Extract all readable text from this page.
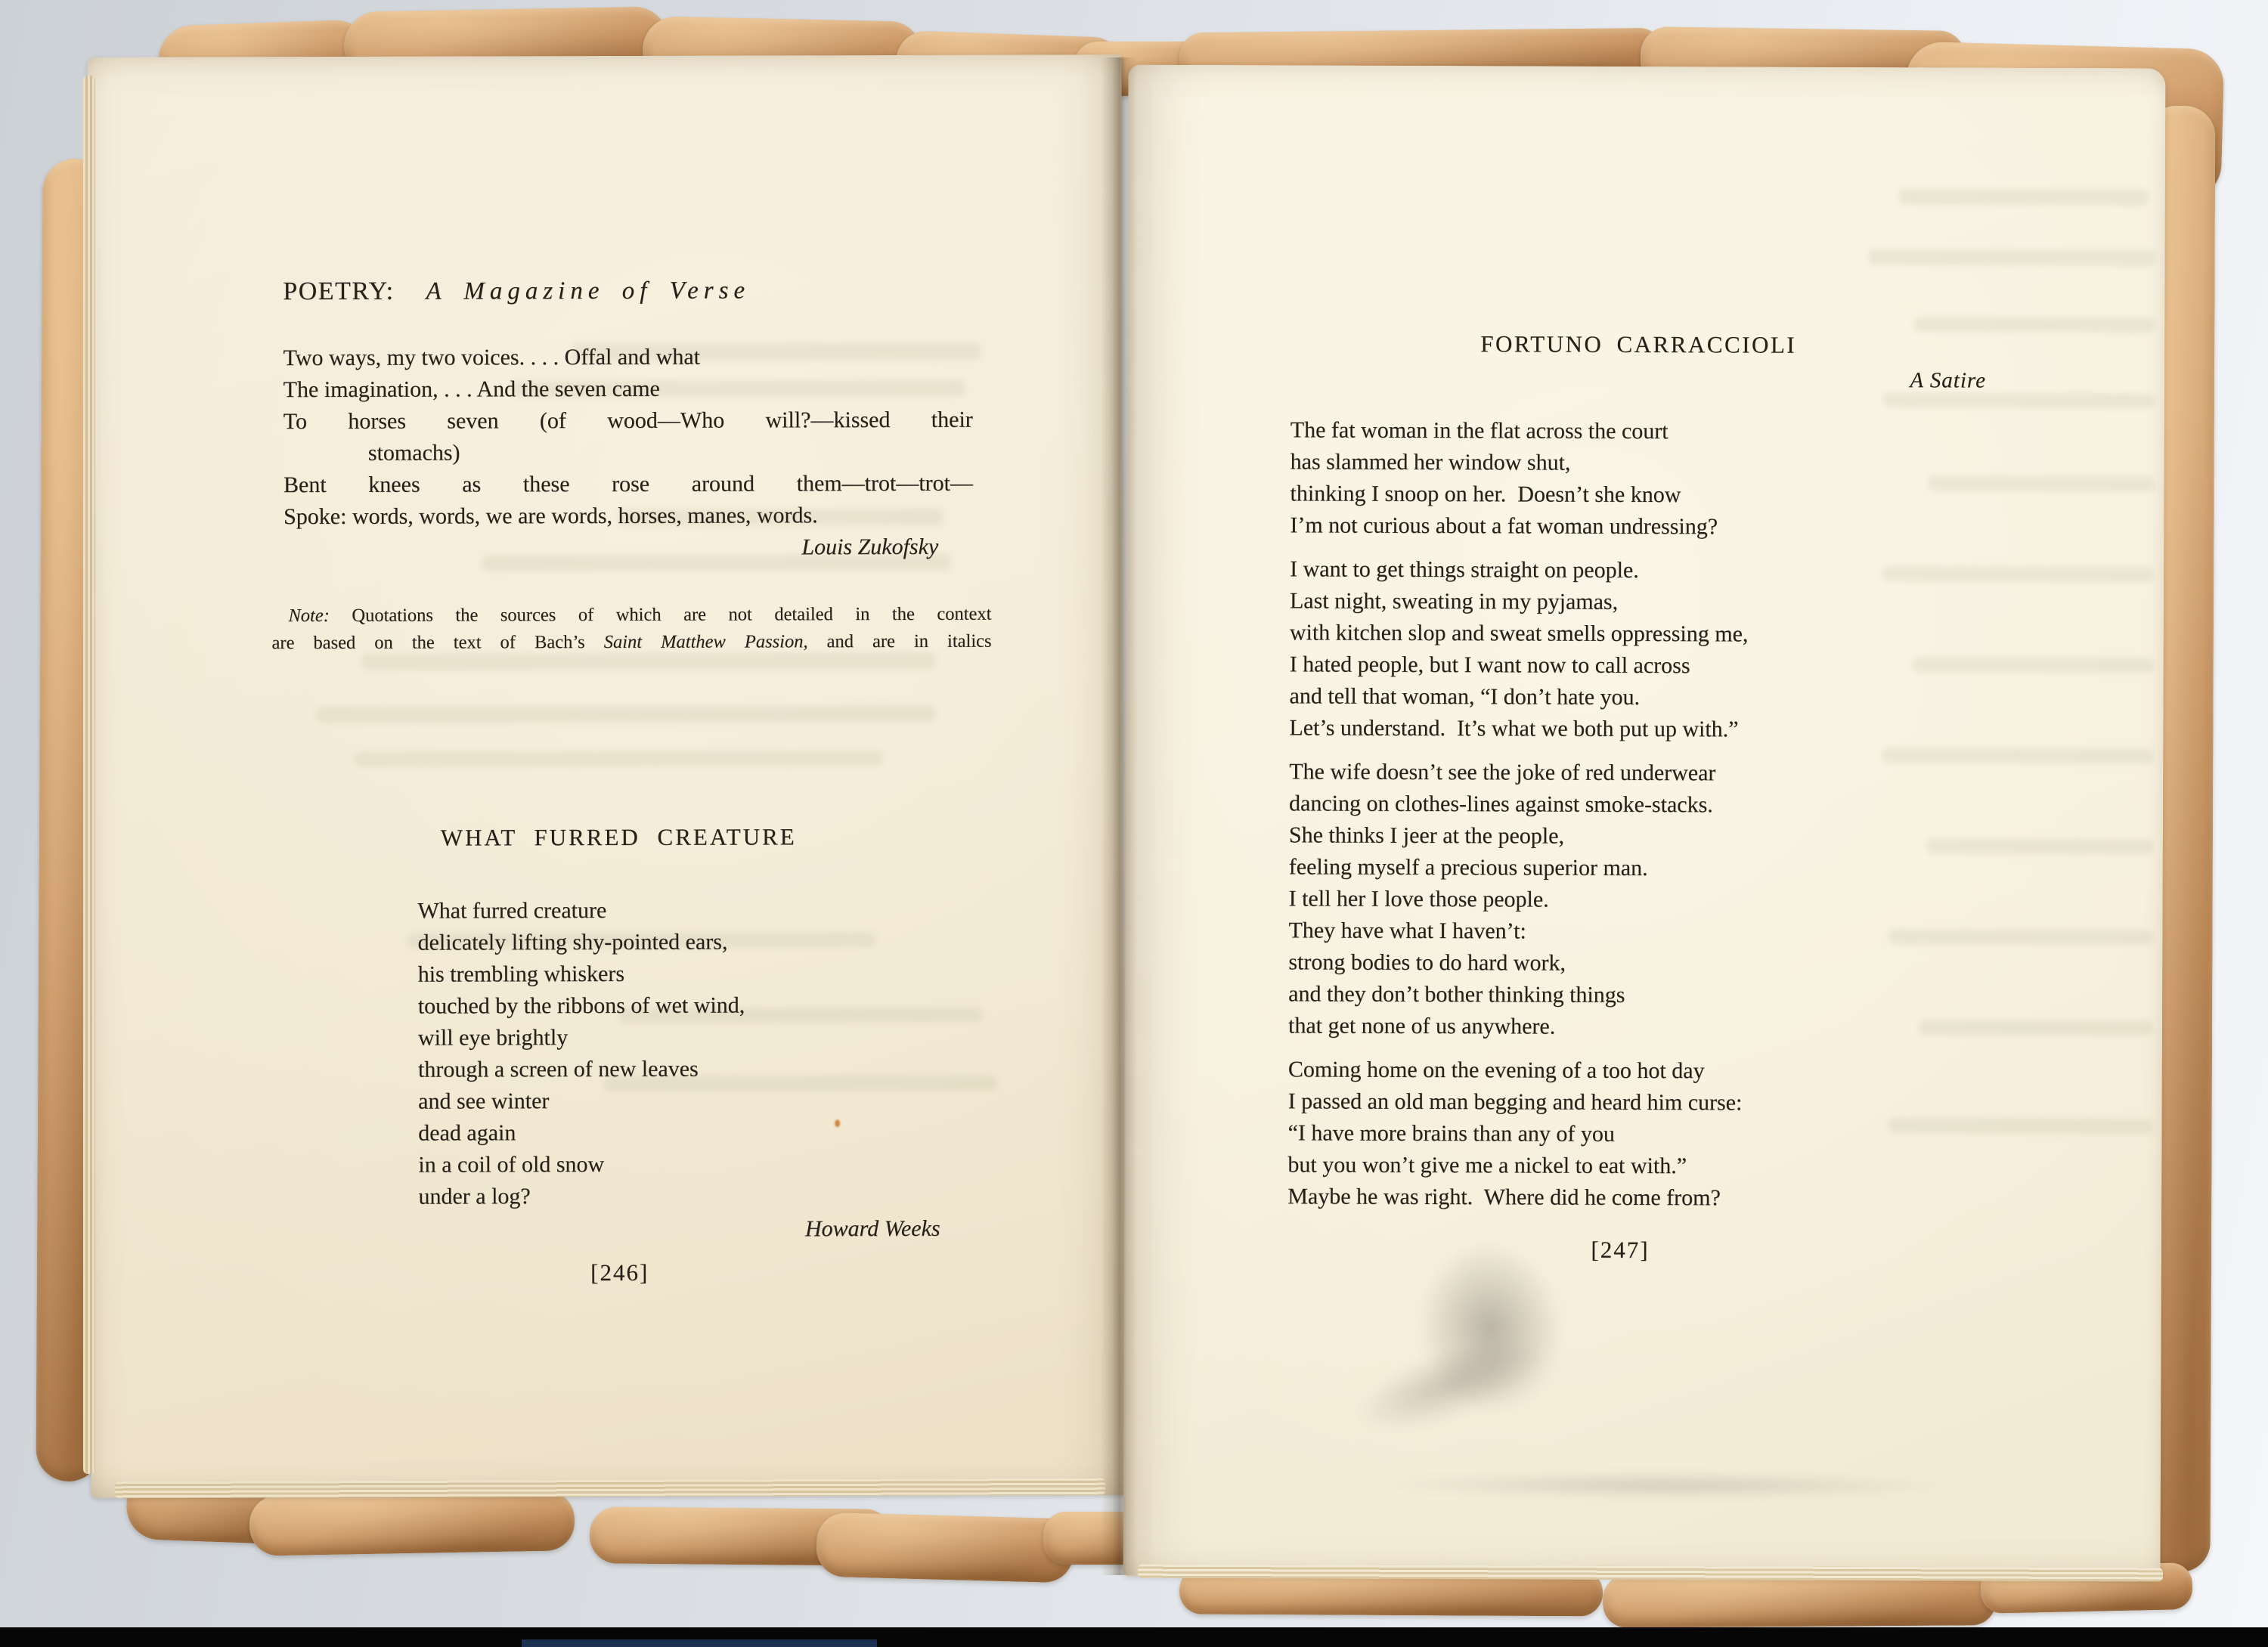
POETRY: A Magazine of Verse
Two ways, my two voices. . . . Offal and what
The imagination, . . . And the seven came
To horses seven (of wood—Who will?—kissed their
stomachs)
Bent knees as these rose around them—trot—trot—
Spoke: words, words, we are words, horses, manes, words.
Louis Zukofsky
Note: Quotations the sources of which are not detailed in the context
are based on the text of Bach’s Saint Matthew Passion, and are in italics
WHAT FURRED CREATURE
What furred creature
delicately lifting shy-pointed ears,
his trembling whiskers
touched by the ribbons of wet wind,
will eye brightly
through a screen of new leaves
and see winter
dead again
in a coil of old snow
under a log?
Howard Weeks
[246]
FORTUNO CARRACCIOLI
A Satire
The fat woman in the flat across the court
has slammed her window shut,
thinking I snoop on her.  Doesn’t she know
I’m not curious about a fat woman undressing?
I want to get things straight on people.
Last night, sweating in my pyjamas,
with kitchen slop and sweat smells oppressing me,
I hated people, but I want now to call across
and tell that woman, “I don’t hate you.
Let’s understand.  It’s what we both put up with.”
The wife doesn’t see the joke of red underwear
dancing on clothes-lines against smoke-stacks.
She thinks I jeer at the people,
feeling myself a precious superior man.
I tell her I love those people.
They have what I haven’t:
strong bodies to do hard work,
and they don’t bother thinking things
that get none of us anywhere.
Coming home on the evening of a too hot day
I passed an old man begging and heard him curse:
“I have more brains than any of you
but you won’t give me a nickel to eat with.”
Maybe he was right.  Where did he come from?
[247]
